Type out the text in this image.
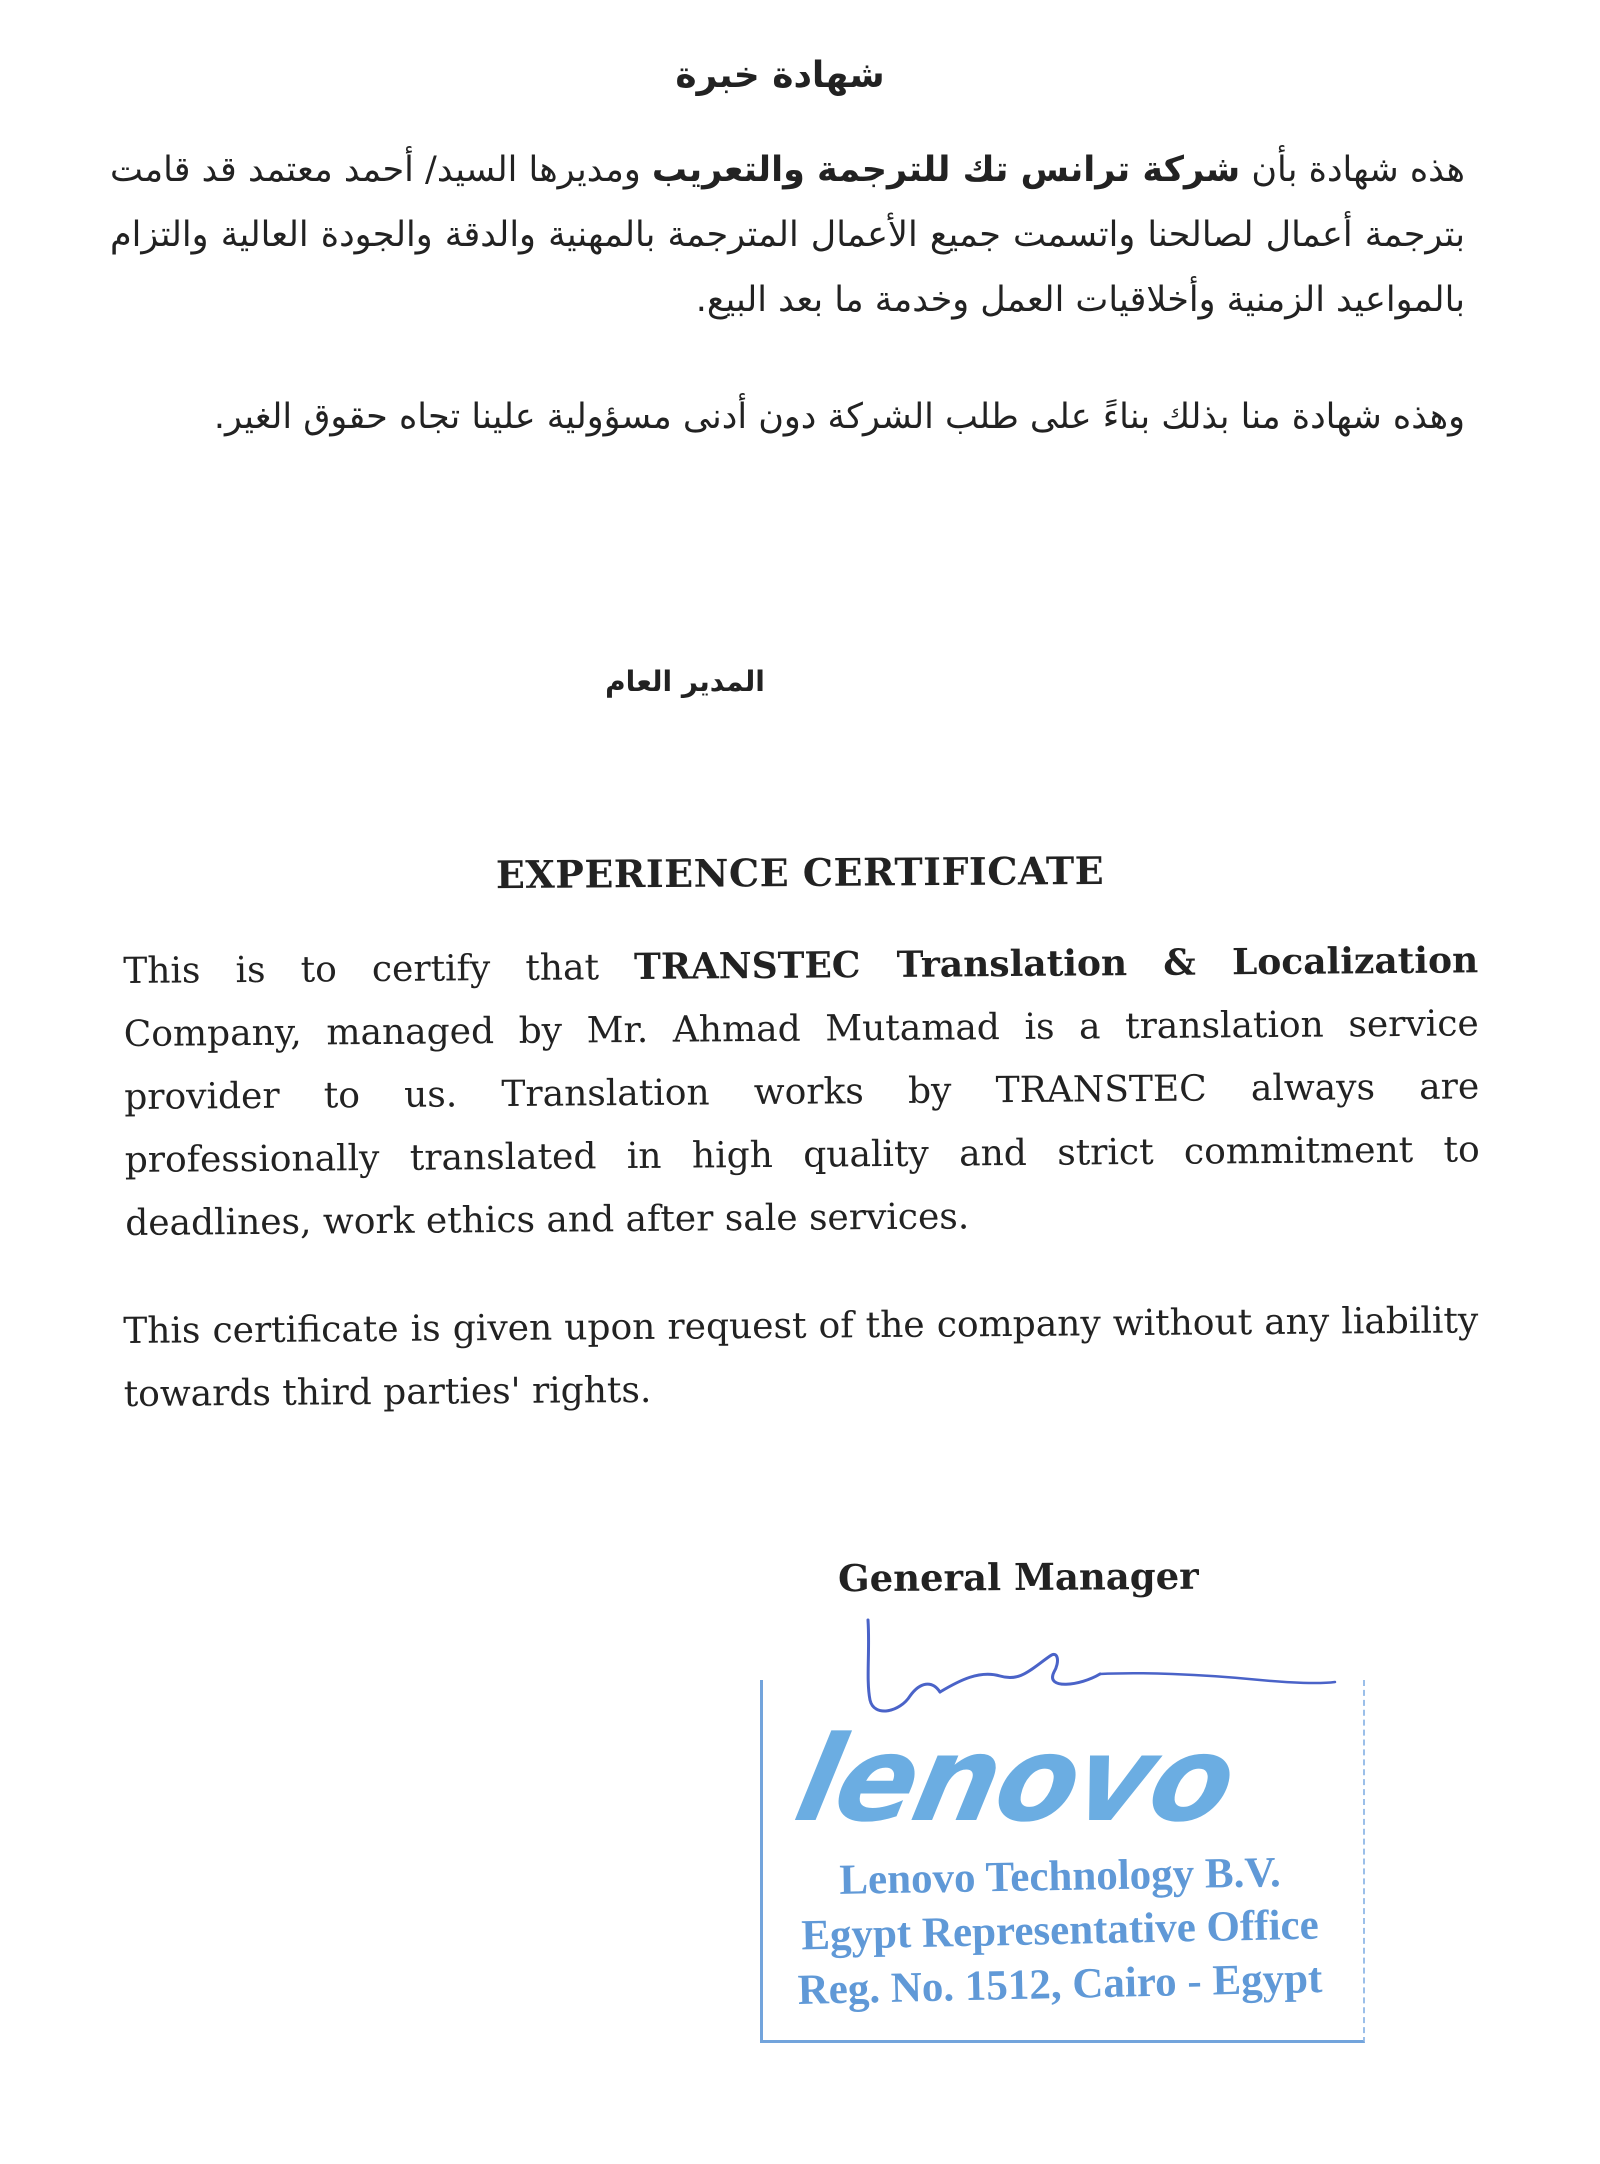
شهادة خبرة
هذه شهادة بأن شركة ترانس تك للترجمة والتعريب ومديرها السيد/ أحمد معتمد قد قامت بترجمة أعمال لصالحنا واتسمت جميع الأعمال المترجمة بالمهنية والدقة والجودة العالية والتزام بالمواعيد الزمنية وأخلاقيات العمل وخدمة ما بعد البيع.
وهذه شهادة منا بذلك بناءً على طلب الشركة دون أدنى مسؤولية علينا تجاه حقوق الغير.
المدير العام
EXPERIENCE CERTIFICATE
This is to certify that TRANSTEC Translation & Localization Company, managed by Mr. Ahmad Mutamad is a translation service provider to us. Translation works by TRANSTEC always are professionally translated in high quality and strict commitment to deadlines, work ethics and after sale services.
This certificate is given upon request of the company without any liability towards third parties' rights.
General Manager
lenovo
Lenovo Technology B.V.
Egypt Representative Office
Reg. No. 1512, Cairo - Egypt
